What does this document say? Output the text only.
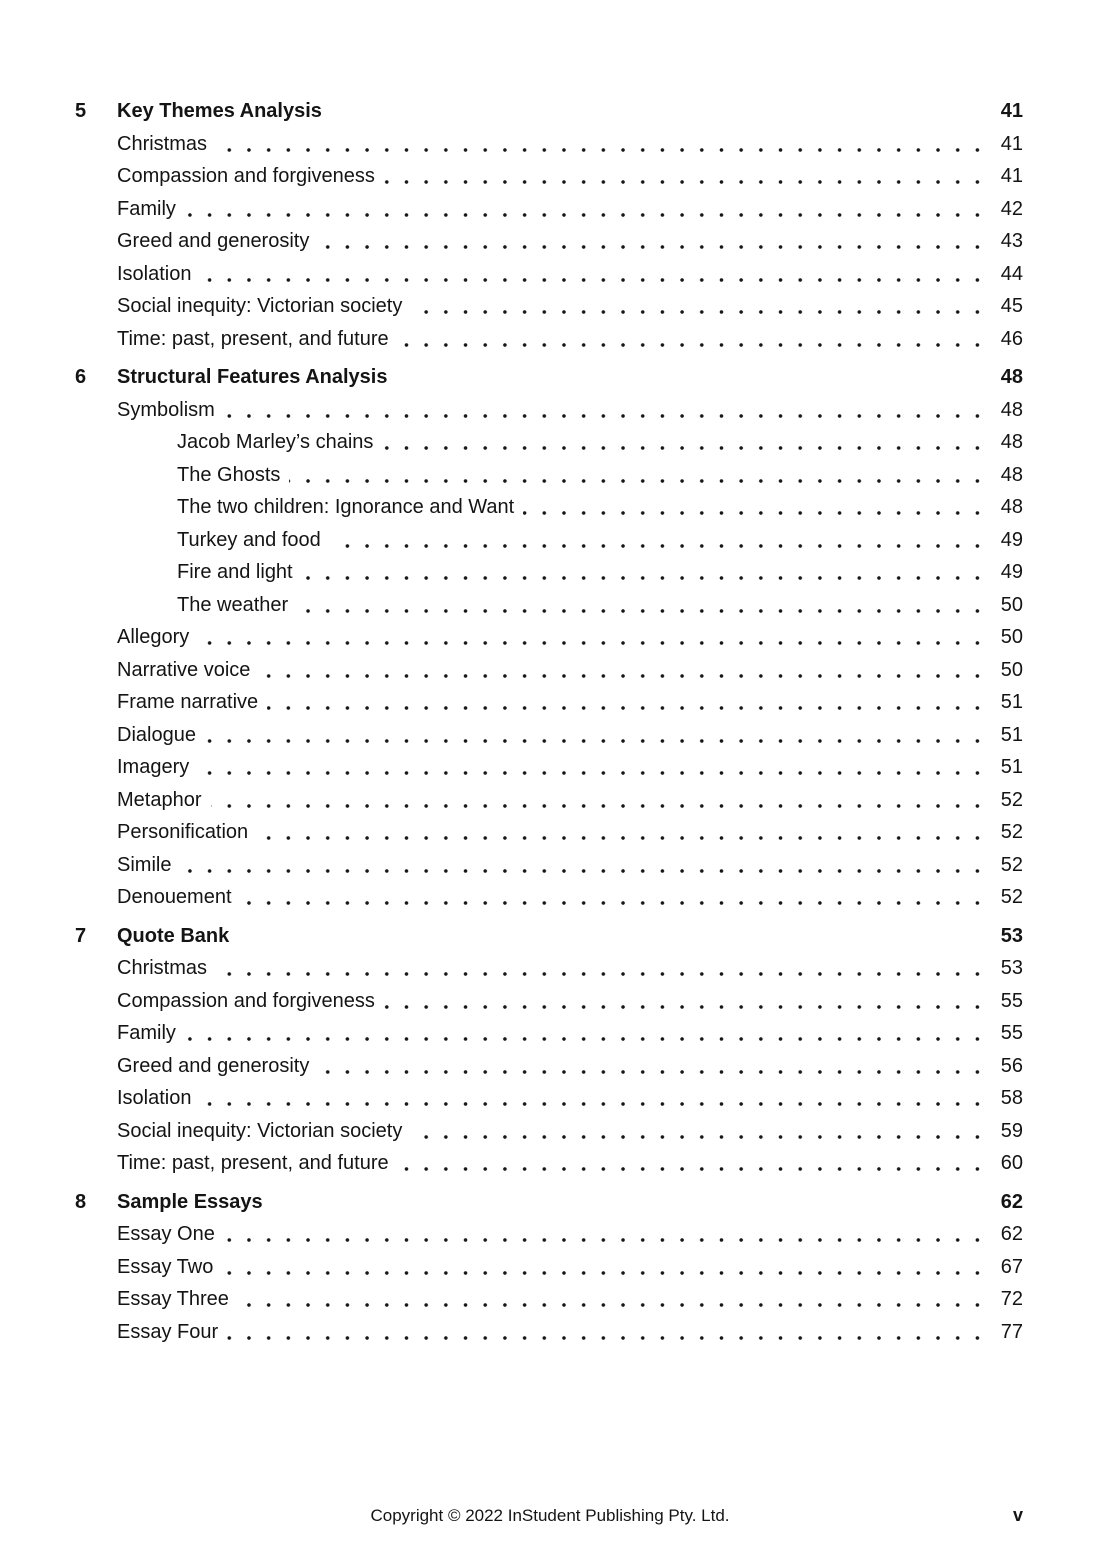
5	Key Themes Analysis	41
Christmas	41
Compassion and forgiveness	41
Family	42
Greed and generosity	43
Isolation	44
Social inequity: Victorian society	45
Time: past, present, and future	46
6	Structural Features Analysis	48
Symbolism	48
Jacob Marley’s chains	48
The Ghosts	48
The two children: Ignorance and Want	48
Turkey and food	49
Fire and light	49
The weather	50
Allegory	50
Narrative voice	50
Frame narrative	51
Dialogue	51
Imagery	51
Metaphor	52
Personification	52
Simile	52
Denouement	52
7	Quote Bank	53
Christmas	53
Compassion and forgiveness	55
Family	55
Greed and generosity	56
Isolation	58
Social inequity: Victorian society	59
Time: past, present, and future	60
8	Sample Essays	62
Essay One	62
Essay Two	67
Essay Three	72
Essay Four	77
Copyright © 2022 InStudent Publishing Pty. Ltd.	v
